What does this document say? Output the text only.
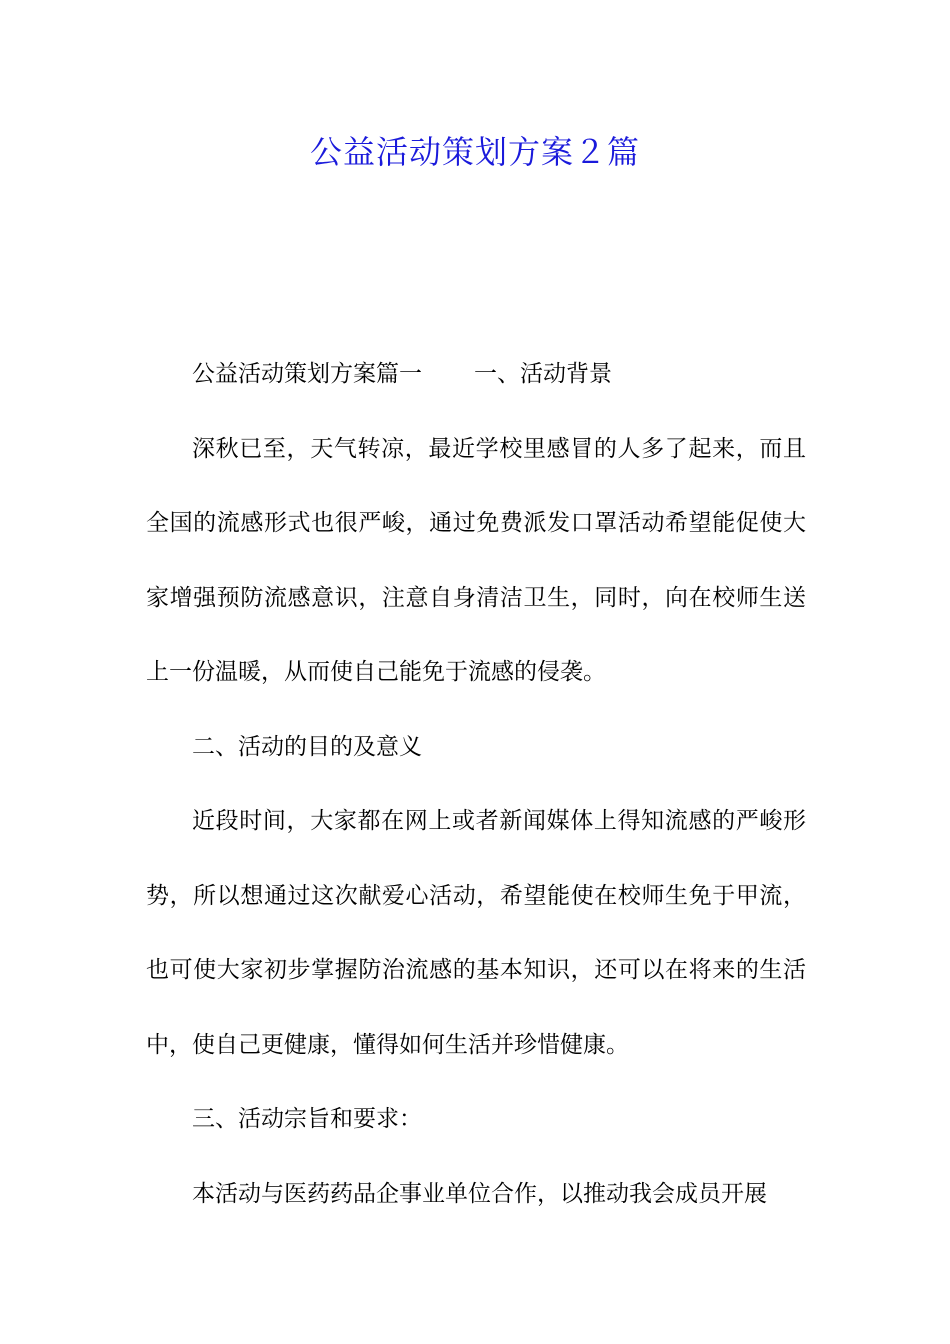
公益活动策划方案２篇

公益活动策划方案篇一 一、活动背景

深秋已至，天气转凉，最近学校里感冒的人多了起来，而且全国的流感形式也很严峻，通过免费派发口罩活动希望能促使大家增强预防流感意识，注意自身清洁卫生，同时，向在校师生送上一份温暖，从而使自己能免于流感的侵袭。

二、活动的目的及意义

近段时间，大家都在网上或者新闻媒体上得知流感的严峻形势，所以想通过这次献爱心活动，希望能使在校师生免于甲流，也可使大家初步掌握防治流感的基本知识，还可以在将来的生活中，使自己更健康，懂得如何生活并珍惜健康。

三、活动宗旨和要求：

本活动与医药药品企事业单位合作，以推动我会成员开展
